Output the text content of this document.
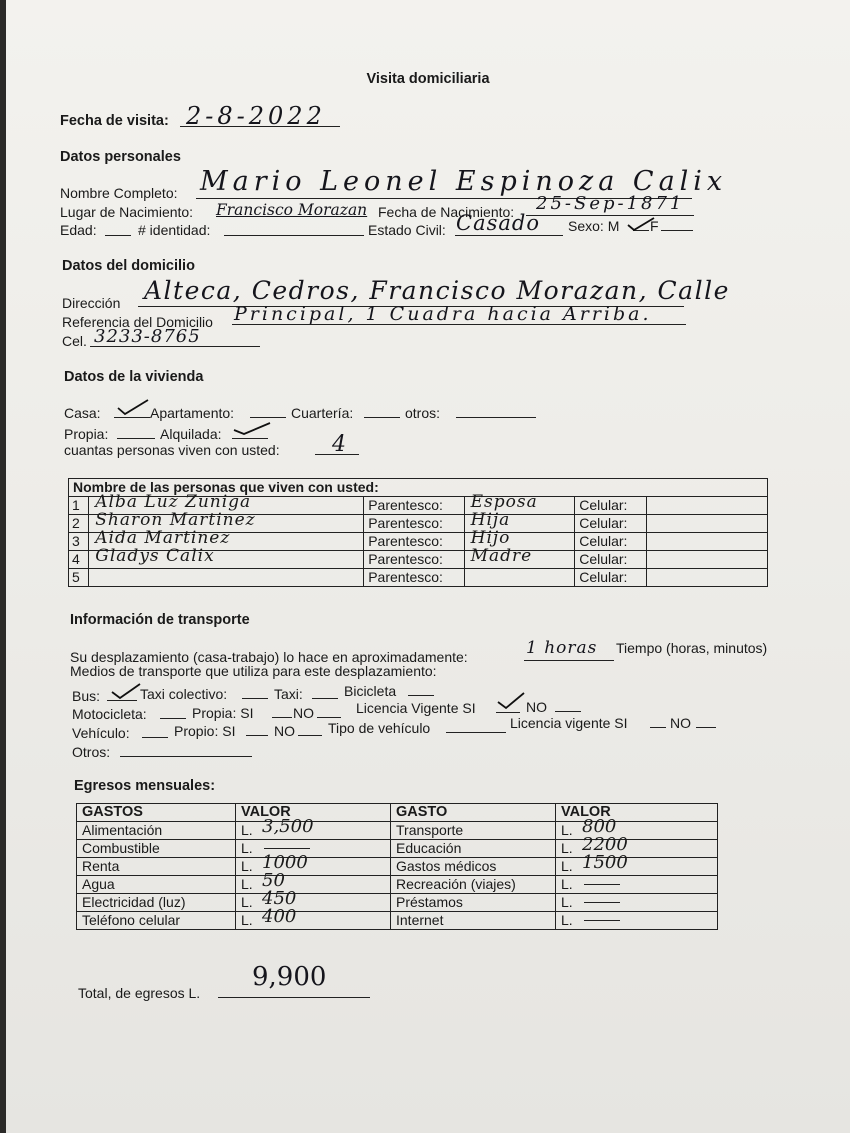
Visita domiciliaria
Fecha de visita: 2-8-2022
Datos personales
Nombre Completo: Mario Leonel Espinoza Calix
Lugar de Nacimiento: Francisco Morazan Fecha de Nacimiento: 25-Sep-1871
Edad:	# identidad:	Estado Civil: Casado Sexo: M F
Datos del domicilio
Dirección Alteca, Cedros, Francisco Morazan, Calle
Referencia del Domicilio Principal, 1 Cuadra hacia Arriba.
Cel. 3233-8765
Datos de la vivienda
Casa:	Apartamento:	Cuartería:	otros:
Propia:	Alquilada:
cuantas personas viven con usted: 4
Nombre de las personas que viven con usted:					
1	Alba Luz Zuniga	Parentesco:	Esposa	Celular:	
2	Sharon Martinez	Parentesco:	Hija	Celular:	
3	Aida Martinez	Parentesco:	Hijo	Celular:	
4	Gladys Calix	Parentesco:	Madre	Celular:	
5		Parentesco:		Celular:	
Información de transporte
Su desplazamiento (casa-trabajo) lo hace en aproximadamente:	1 horas Tiempo (horas, minutos)
Medios de transporte que utiliza para este desplazamiento:
Bus:	Taxi colectivo:	Taxi:	Bicicleta
Motocicleta:	Propia: SI	NO	Licencia Vigente SI	NO
Vehículo:	Propio: SI	NO Tipo de vehículo	Licencia vigente SI	NO
Otros:
Egresos mensuales:
GASTOS	VALOR	GASTO	VALOR
Alimentación	L. 3,500	Transporte	L. 800

Combustible	L.	Educación	L. 2200

Renta	L. 1000	Gastos médicos	L. 1500

Agua	L. 50	Recreación (viajes)	L.

Electricidad (luz)	L. 450	Préstamos	L.

Teléfono celular	L. 400	Internet	L.
Total, de egresos L.
9,900
